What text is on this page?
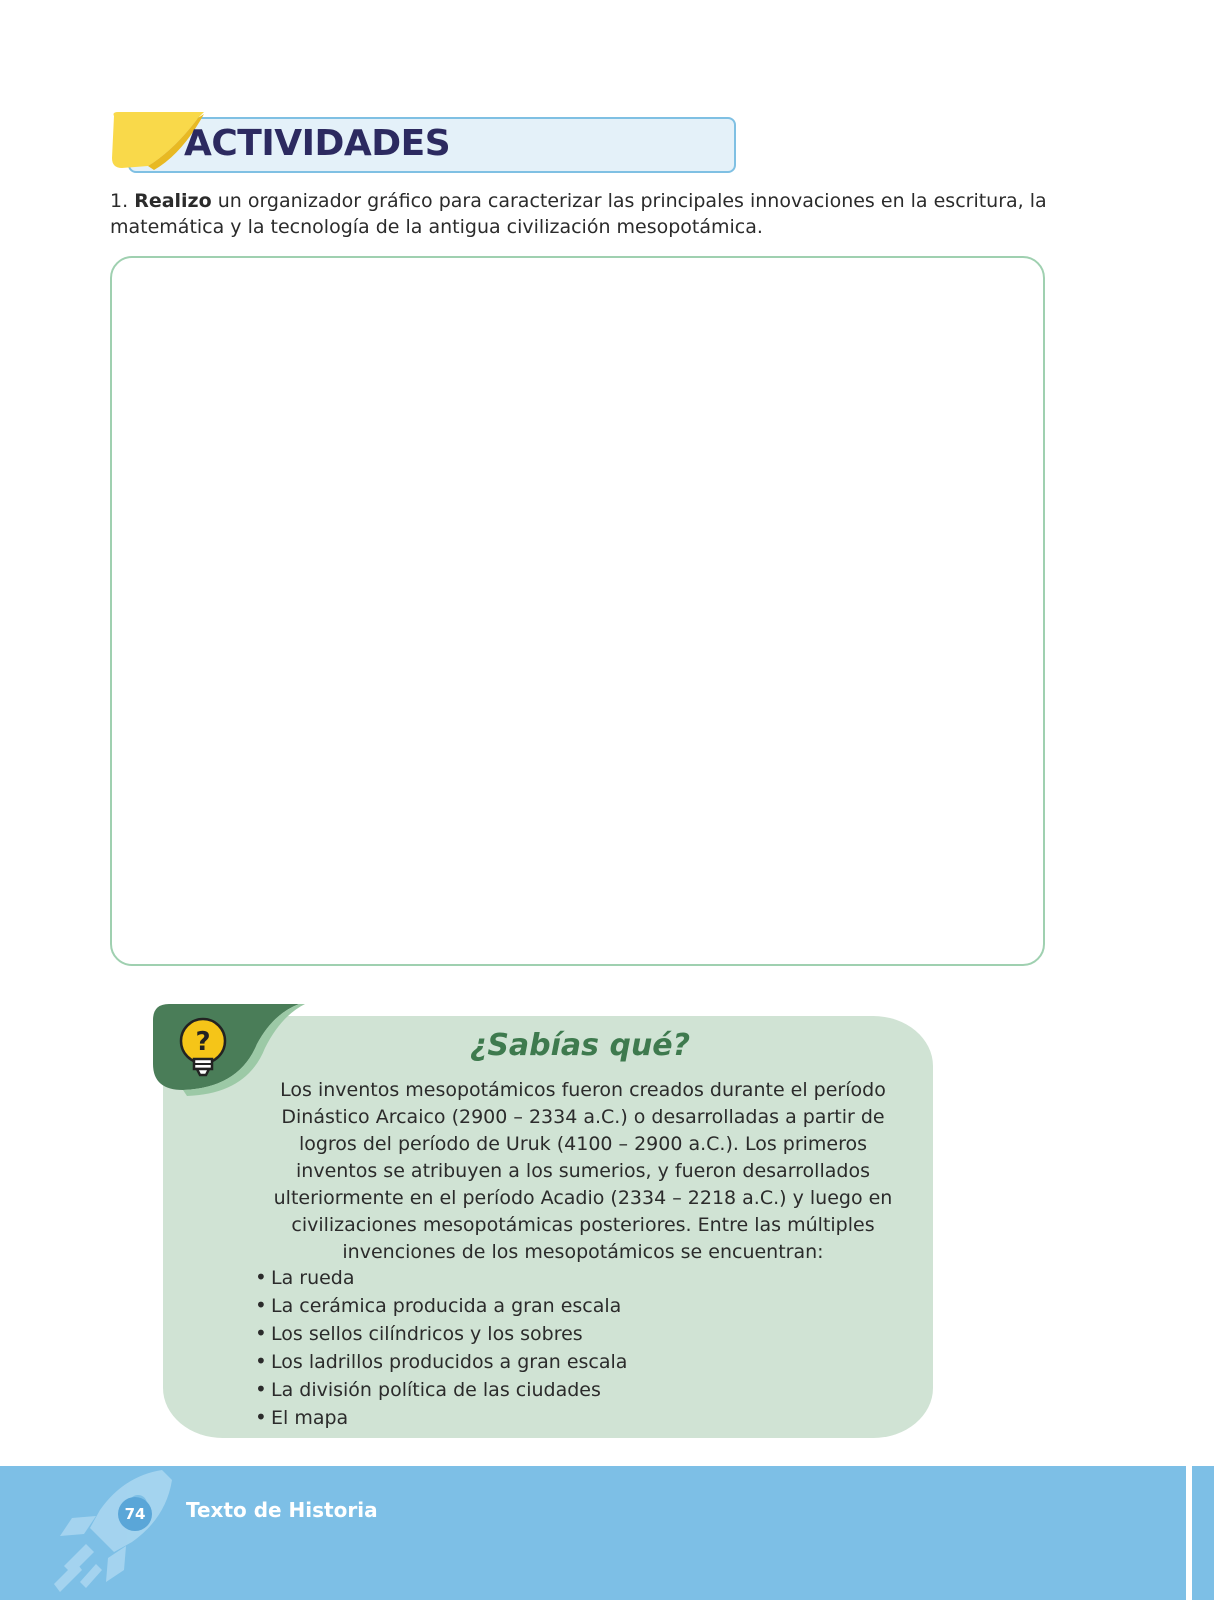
ACTIVIDADES
1. Realizo un organizador gráfico para caracterizar las principales innovaciones en la escritura, la matemática y la tecnología de la antigua civilización mesopotámica.
?	¿Sabías qué?
Los inventos mesopotámicos fueron creados durante el período Dinástico Arcaico (2900 – 2334 a.C.) o desarrolladas a partir de logros del período de Uruk (4100 – 2900 a.C.). Los primeros inventos se atribuyen a los sumerios, y fueron desarrollados ulteriormente en el período Acadio (2334 – 2218 a.C.) y luego en civilizaciones mesopotámicas posteriores. Entre las múltiples invenciones de los mesopotámicos se encuentran:
• La rueda
• La cerámica producida a gran escala
• Los sellos cilíndricos y los sobres
• Los ladrillos producidos a gran escala
• La división política de las ciudades
• El mapa
74	Texto de Historia
